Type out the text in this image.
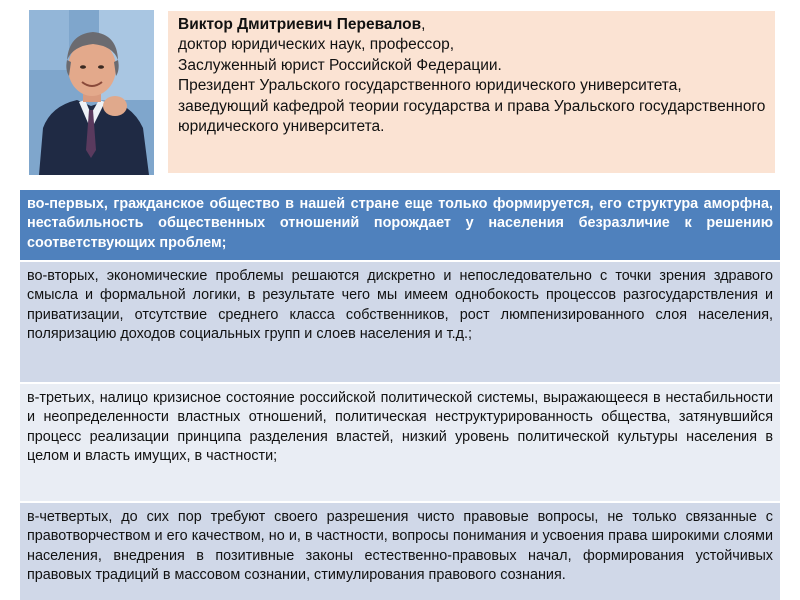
Виктор Дмитриевич Перевалов,

доктор юридических наук, профессор,

Заслуженный юрист Российской Федерации.

Президент Уральского государственного юридического университета, заведующий кафедрой теории государства и права Уральского государственного юридического университета.

во-первых, гражданское общество в нашей стране еще только формируется, его структура аморфна, нестабильность общественных отношений порождает у населения безразличие к решению соответствующих проблем;
во-вторых, экономические проблемы решаются дискретно и непоследовательно с точки зрения здравого смысла и формальной логики, в результате чего мы имеем однобокость процессов разгосударствления и приватизации, отсутствие среднего класса собственников, рост люмпенизированного слоя населения, поляризацию доходов социальных групп и слоев населения и т.д.;
в-третьих, налицо кризисное состояние российской политической системы, выражающееся в нестабильности и неопределенности властных отношений, политическая неструктурированность общества, затянувшийся процесс реализации принципа разделения властей, низкий уровень политической культуры населения в целом и власть имущих, в частности;
в-четвертых, до сих пор требуют своего разрешения чисто правовые вопросы, не только связанные с правотворчеством и его качеством, но и, в частности, вопросы понимания и усвоения права широкими слоями населения, внедрения в позитивные законы естественно-правовых начал, формирования устойчивых правовых традиций в массовом сознании, стимулирования правового сознания.
